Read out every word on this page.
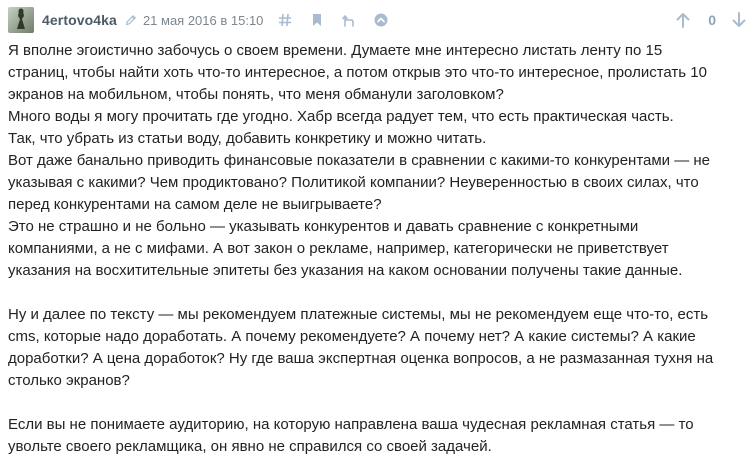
4ertovo4ka 21 мая 2016 в 15:10	0

Я вполне эгоистично забочусь о своем времени. Думаете мне интересно листать ленту по 15
страниц, чтобы найти хоть что-то интересное, а потом открыв это что-то интересное, пролистать 10
экранов на мобильном, чтобы понять, что меня обманули заголовком?
Много воды я могу прочитать где угодно. Хабр всегда радует тем, что есть практическая часть.
Так, что убрать из статьи воду, добавить конкретику и можно читать.
Вот даже банально приводить финансовые показатели в сравнении с какими-то конкурентами — не
указывая с какими? Чем продиктовано? Политикой компании? Неуверенностью в своих силах, что
перед конкурентами на самом деле не выигрываете?
Это не страшно и не больно — указывать конкурентов и давать сравнение с конкретными
компаниями, а не с мифами. А вот закон о рекламе, например, категорически не приветствует
указания на восхитительные эпитеты без указания на каком основании получены такие данные.

Ну и далее по тексту — мы рекомендуем платежные системы, мы не рекомендуем еще что-то, есть
cms, которые надо доработать. А почему рекомендуете? А почему нет? А какие системы? А какие
доработки? А цена доработок? Ну где ваша экспертная оценка вопросов, а не размазанная тухня на
столько экранов?

Если вы не понимаете аудиторию, на которую направлена ваша чудесная рекламная статья — то
увольте своего рекламщика, он явно не справился со своей задачей.
